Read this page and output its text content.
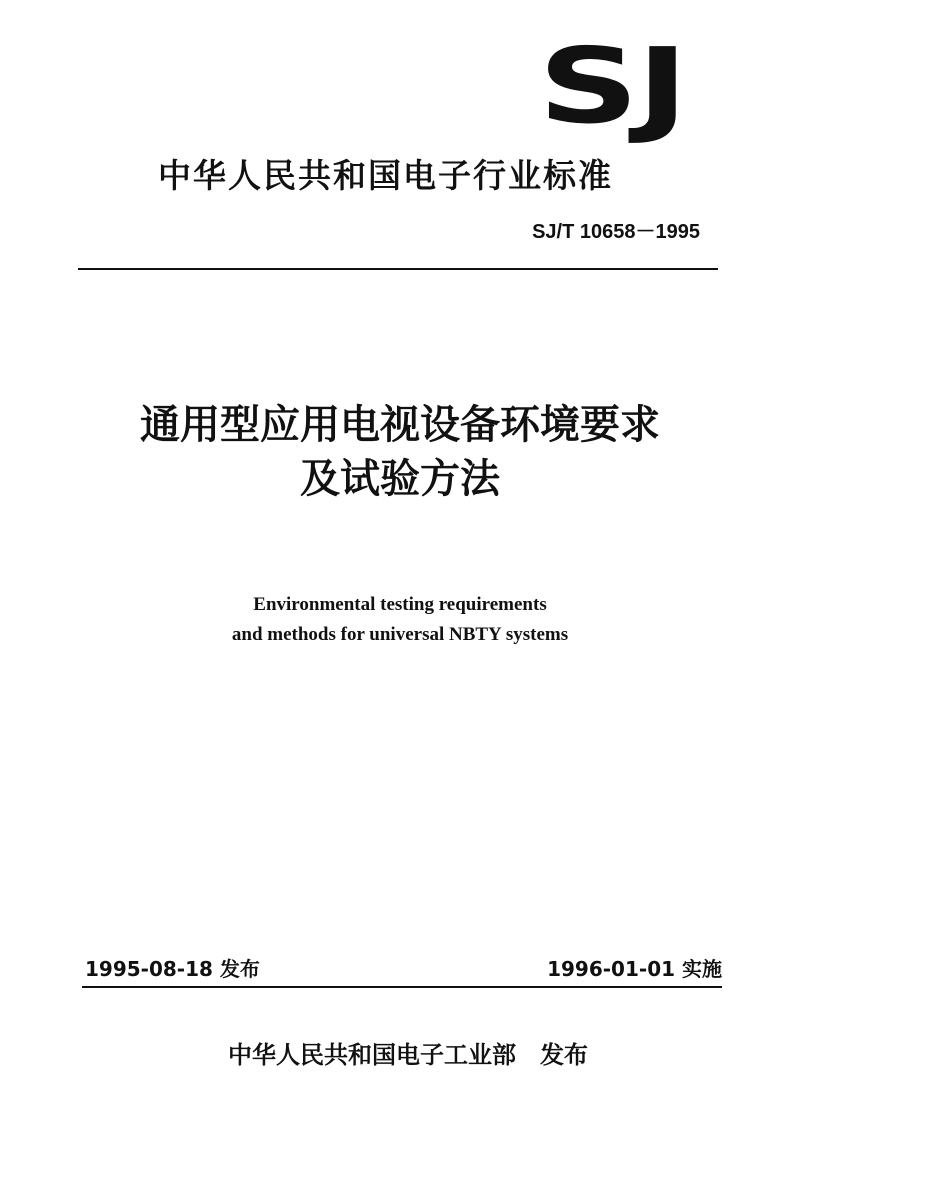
SJ
中华人民共和国电子行业标准
SJ/T 10658－1995
通用型应用电视设备环境要求
及试验方法
Environmental testing requirements
and methods for universal NBTY systems
1995-08-18 发布	1996-01-01 实施
中华人民共和国电子工业部 发布
